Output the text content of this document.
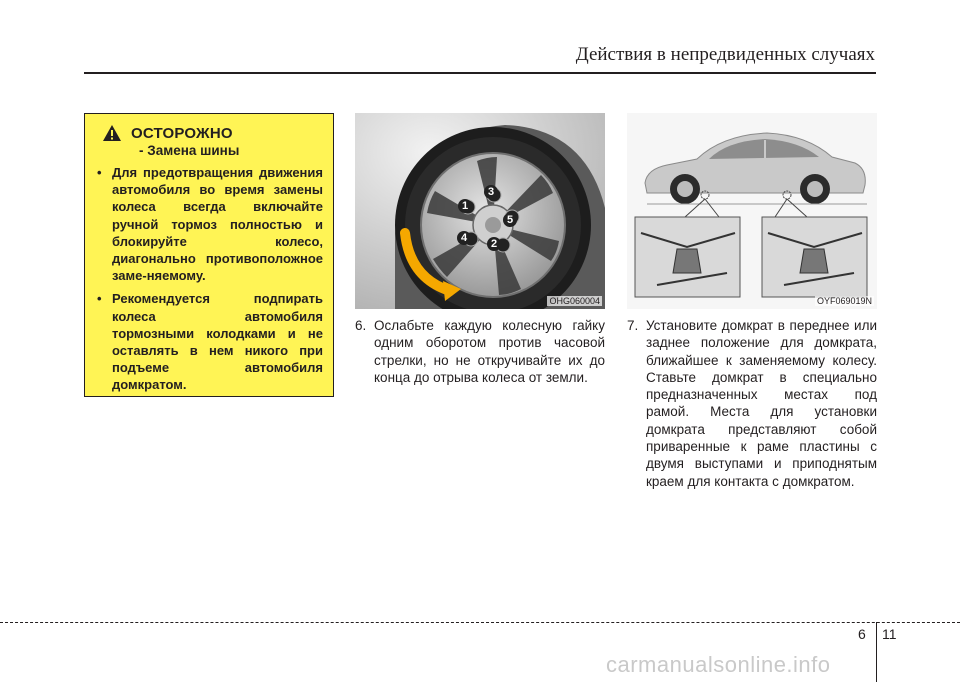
Действия в непредвиденных случаях
ОСТОРОЖНО
- Замена шины
• Для предотвращения движения автомобиля во время замены колеса всегда включайте ручной тормоз полностью и блокируйте колесо, диагонально противоположное заме-няемому.
• Рекомендуется подпирать колеса автомобиля тормозными колодками и не оставлять в нем никого при подъеме автомобиля домкратом.
1
2
3
4
5
OHG060004	OYF069019N
6. Ослабьте каждую колесную гайку одним оборотом против часовой стрелки, но не откручивайте их до конца до отрыва колеса от земли.
7. Установите домкрат в переднее или заднее положение для домкрата, ближайшее к заменяемому колесу. Ставьте домкрат в специально предназначенных местах под рамой. Места для установки домкрата представляют собой приваренные к раме пластины с двумя выступами и приподнятым краем для контакта с домкратом.
6 11
carmanualsonline.info
